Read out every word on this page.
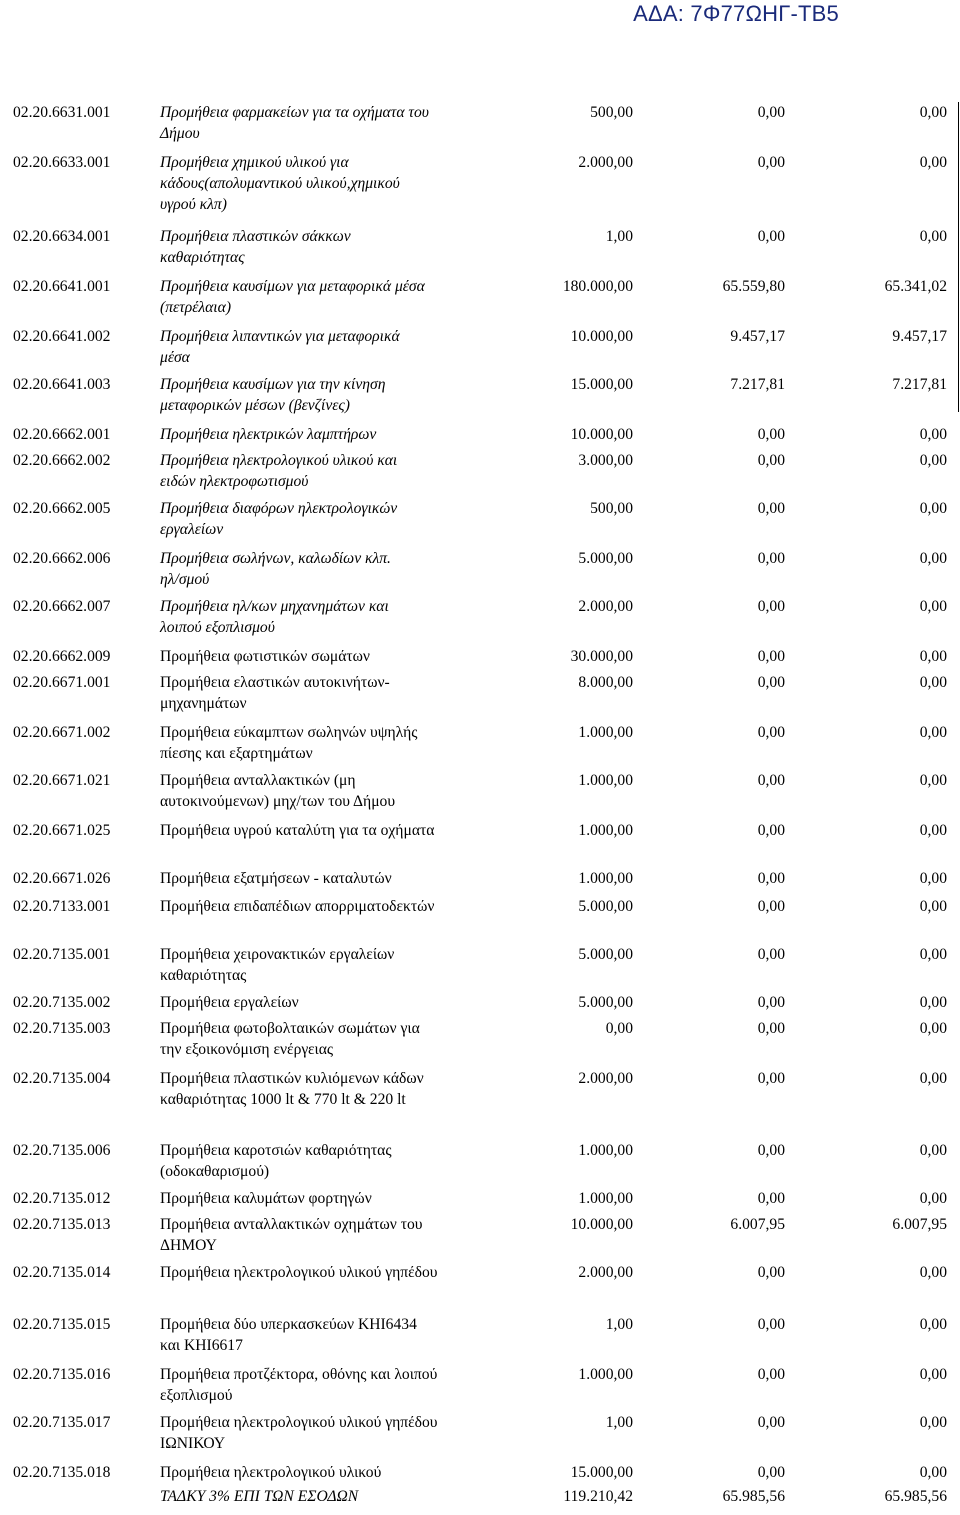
ΑΔΑ: 7Φ77ΩΗΓ-ΤΒ5
02.20.6631.001	Προμήθεια φαρμακείων για τα οχήματα του
Δήμου
500,00	0,00	0,00
02.20.6633.001	Προμήθεια χημικού υλικού για
κάδους(απολυμαντικού υλικού,χημικού
υγρού κλπ)
2.000,00	0,00	0,00
02.20.6634.001	Προμήθεια πλαστικών σάκκων
καθαριότητας
1,00	0,00	0,00
02.20.6641.001	Προμήθεια καυσίμων για μεταφορικά μέσα
(πετρέλαια)
180.000,00	65.559,80	65.341,02
02.20.6641.002	Προμήθεια λιπαντικών για μεταφορικά
μέσα
10.000,00	9.457,17	9.457,17
02.20.6641.003	Προμήθεια καυσίμων για την κίνηση
μεταφορικών μέσων (βενζίνες)
15.000,00	7.217,81	7.217,81
02.20.6662.001	Προμήθεια ηλεκτρικών λαμπτήρων	10.000,00	0,00	0,00
02.20.6662.002	Προμήθεια ηλεκτρολογικού υλικού και
ειδών ηλεκτροφωτισμού
3.000,00	0,00	0,00
02.20.6662.005	Προμήθεια διαφόρων ηλεκτρολογικών
εργαλείων
500,00	0,00	0,00
02.20.6662.006	Προμήθεια σωλήνων, καλωδίων κλπ.
ηλ/σμού
5.000,00	0,00	0,00
02.20.6662.007	Προμήθεια ηλ/κων μηχανημάτων και
λοιπού εξοπλισμού
2.000,00	0,00	0,00
02.20.6662.009	Προμήθεια φωτιστικών σωμάτων	30.000,00	0,00	0,00
02.20.6671.001	Προμήθεια ελαστικών αυτοκινήτων-
μηχανημάτων
8.000,00	0,00	0,00
02.20.6671.002	Προμήθεια εύκαμπτων σωληνών υψηλής
πίεσης και εξαρτημάτων
1.000,00	0,00	0,00
02.20.6671.021	Προμήθεια ανταλλακτικών (μη
αυτοκινούμενων) μηχ/των του Δήμου
1.000,00	0,00	0,00
02.20.6671.025	Προμήθεια υγρού καταλύτη για τα οχήματα	1.000,00	0,00	0,00
02.20.6671.026	Προμήθεια εξατμήσεων - καταλυτών	1.000,00	0,00	0,00
02.20.7133.001	Προμήθεια επιδαπέδιων απορριματοδεκτών	5.000,00	0,00	0,00
02.20.7135.001	Προμήθεια χειρονακτικών εργαλείων
καθαριότητας
5.000,00	0,00	0,00
02.20.7135.002	Προμήθεια εργαλείων	5.000,00	0,00	0,00
02.20.7135.003	Προμήθεια φωτοβολταικών σωμάτων για
την εξοικονόμιση ενέργειας
0,00	0,00	0,00
02.20.7135.004	Προμήθεια πλαστικών κυλιόμενων κάδων
καθαριότητας 1000 lt & 770 lt & 220 lt
2.000,00	0,00	0,00
02.20.7135.006	Προμήθεια καροτσιών καθαριότητας
(οδοκαθαρισμού)
1.000,00	0,00	0,00
02.20.7135.012	Προμήθεια καλυμάτων φορτηγών	1.000,00	0,00	0,00
02.20.7135.013	Προμήθεια ανταλλακτικών οχημάτων του
ΔΗΜΟΥ
10.000,00	6.007,95	6.007,95
02.20.7135.014	Προμήθεια ηλεκτρολογικού υλικού γηπέδου	2.000,00	0,00	0,00
02.20.7135.015	Προμήθεια δύο υπερκασκεύων ΚΗΙ6434
και ΚΗΙ6617
1,00	0,00	0,00
02.20.7135.016	Προμήθεια προτζέκτορα, οθόνης και λοιπού
εξοπλισμού
1.000,00	0,00	0,00
02.20.7135.017	Προμήθεια ηλεκτρολογικού υλικού γηπέδου
ΙΩΝΙΚΟΥ
1,00	0,00	0,00
02.20.7135.018	Προμήθεια ηλεκτρολογικού υλικού	15.000,00	0,00	0,00
ΤΑΔΚΥ 3% ΕΠΙ ΤΩΝ ΕΣΟΔΩΝ	119.210,42	65.985,56	65.985,56
